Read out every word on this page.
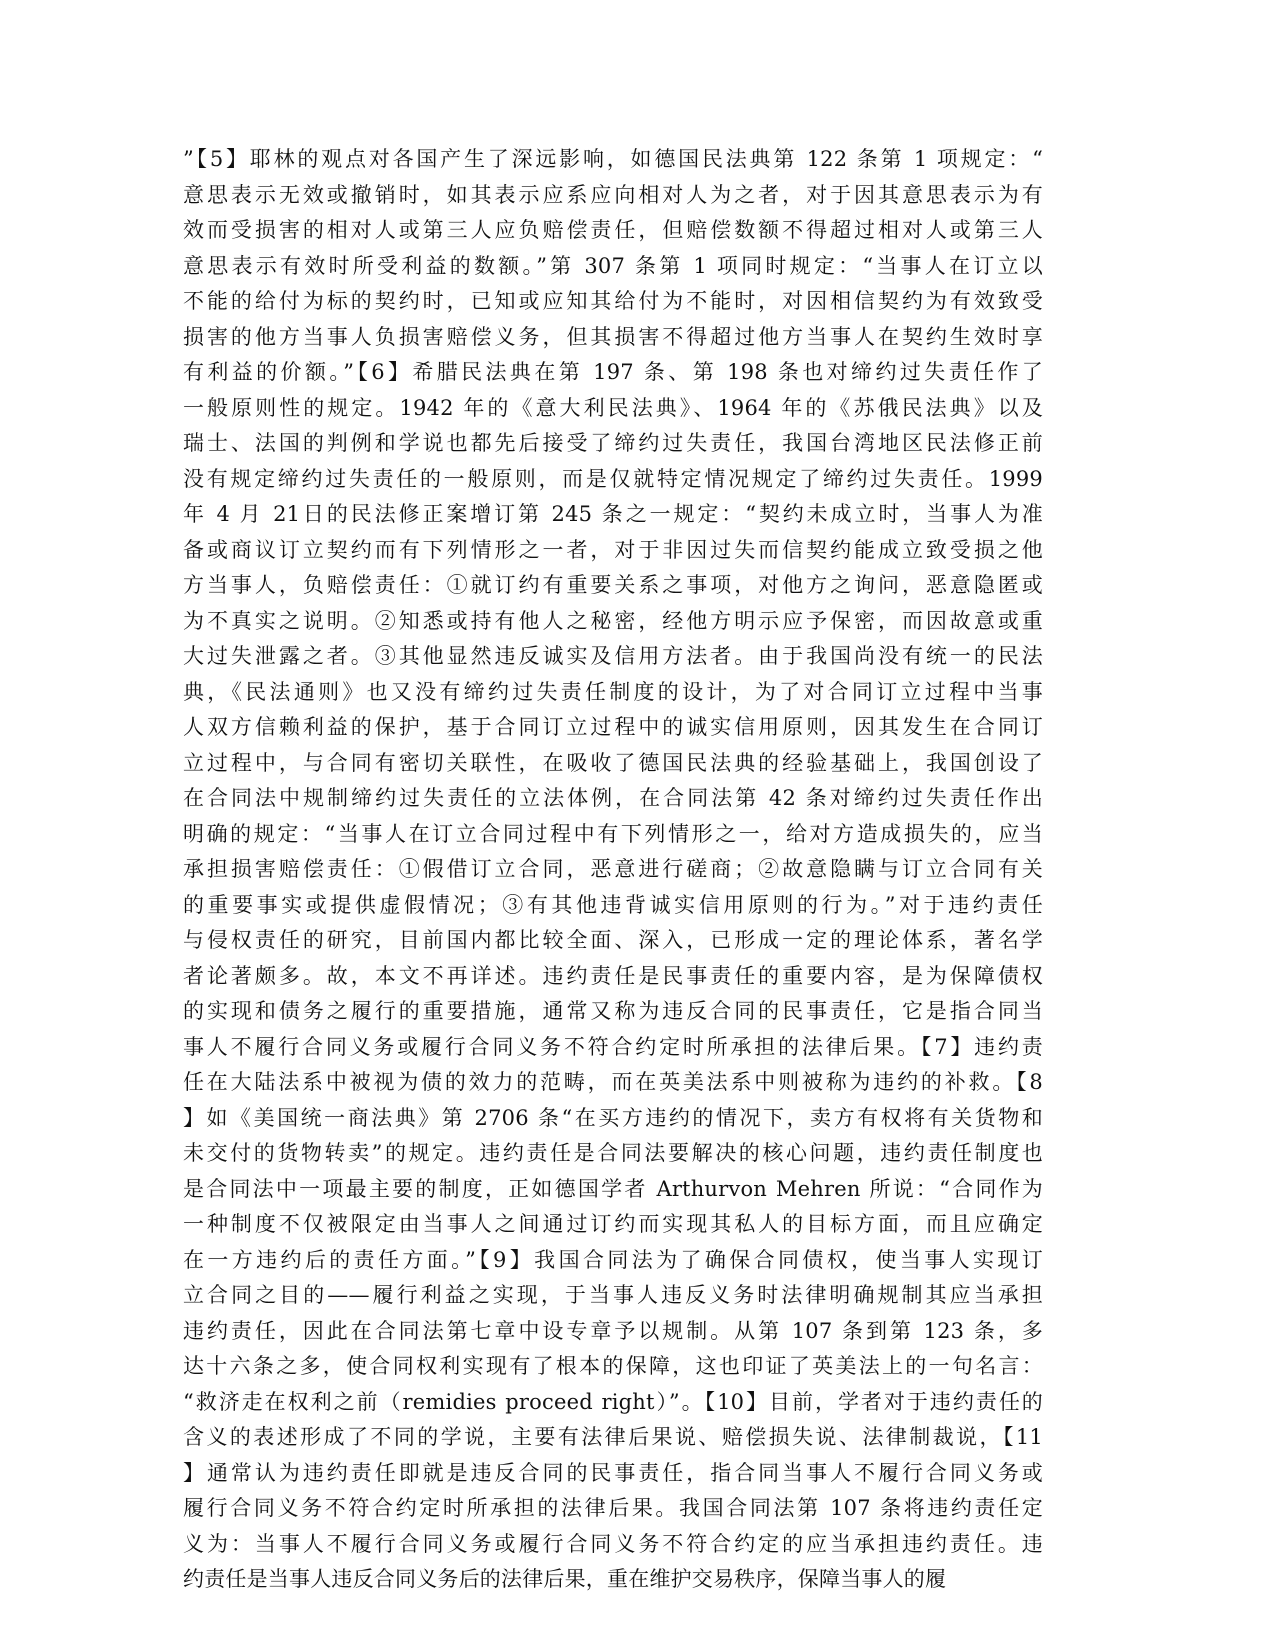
”【5】耶林的观点对各国产生了深远影响，如德国民法典第 122 条第 1 项规定：“
意思表示无效或撤销时，如其表示应系应向相对人为之者，对于因其意思表示为有
效而受损害的相对人或第三人应负赔偿责任，但赔偿数额不得超过相对人或第三人
意思表示有效时所受利益的数额。”第 307 条第 1 项同时规定：“当事人在订立以
不能的给付为标的契约时，已知或应知其给付为不能时，对因相信契约为有效致受
损害的他方当事人负损害赔偿义务，但其损害不得超过他方当事人在契约生效时享
有利益的价额。”【6】希腊民法典在第 197 条、第 198 条也对缔约过失责任作了
一般原则性的规定。1942 年的《意大利民法典》、1964 年的《苏俄民法典》以及
瑞士、法国的判例和学说也都先后接受了缔约过失责任，我国台湾地区民法修正前
没有规定缔约过失责任的一般原则，而是仅就特定情况规定了缔约过失责任。1999
年 4 月 21日的民法修正案增订第 245 条之一规定：“契约未成立时，当事人为准
备或商议订立契约而有下列情形之一者，对于非因过失而信契约能成立致受损之他
方当事人，负赔偿责任：①就订约有重要关系之事项，对他方之询问，恶意隐匿或
为不真实之说明。②知悉或持有他人之秘密，经他方明示应予保密，而因故意或重
大过失泄露之者。③其他显然违反诚实及信用方法者。由于我国尚没有统一的民法
典，《民法通则》也又没有缔约过失责任制度的设计，为了对合同订立过程中当事
人双方信赖利益的保护，基于合同订立过程中的诚实信用原则，因其发生在合同订
立过程中，与合同有密切关联性，在吸收了德国民法典的经验基础上，我国创设了
在合同法中规制缔约过失责任的立法体例，在合同法第 42 条对缔约过失责任作出
明确的规定：“当事人在订立合同过程中有下列情形之一，给对方造成损失的，应当
承担损害赔偿责任：①假借订立合同，恶意进行磋商；②故意隐瞒与订立合同有关
的重要事实或提供虚假情况；③有其他违背诚实信用原则的行为。”对于违约责任
与侵权责任的研究，目前国内都比较全面、深入，已形成一定的理论体系，著名学
者论著颇多。故，本文不再详述。违约责任是民事责任的重要内容，是为保障债权
的实现和债务之履行的重要措施，通常又称为违反合同的民事责任，它是指合同当
事人不履行合同义务或履行合同义务不符合约定时所承担的法律后果。【7】违约责
任在大陆法系中被视为债的效力的范畴，而在英美法系中则被称为违约的补救。【8
】如《美国统一商法典》第 2706 条“在买方违约的情况下，卖方有权将有关货物和
未交付的货物转卖”的规定。违约责任是合同法要解决的核心问题，违约责任制度也
是合同法中一项最主要的制度，正如德国学者 Arthurvon Mehren 所说：“合同作为
一种制度不仅被限定由当事人之间通过订约而实现其私人的目标方面，而且应确定
在一方违约后的责任方面。”【9】我国合同法为了确保合同债权，使当事人实现订
立合同之目的——履行利益之实现，于当事人违反义务时法律明确规制其应当承担
违约责任，因此在合同法第七章中设专章予以规制。从第 107 条到第 123 条，多
达十六条之多，使合同权利实现有了根本的保障，这也印证了英美法上的一句名言：
“救济走在权利之前（remidies proceed right）”。【10】目前，学者对于违约责任的
含义的表述形成了不同的学说，主要有法律后果说、赔偿损失说、法律制裁说，【11
】通常认为违约责任即就是违反合同的民事责任，指合同当事人不履行合同义务或
履行合同义务不符合约定时所承担的法律后果。我国合同法第 107 条将违约责任定
义为：当事人不履行合同义务或履行合同义务不符合约定的应当承担违约责任。违
约责任是当事人违反合同义务后的法律后果，重在维护交易秩序，保障当事人的履
